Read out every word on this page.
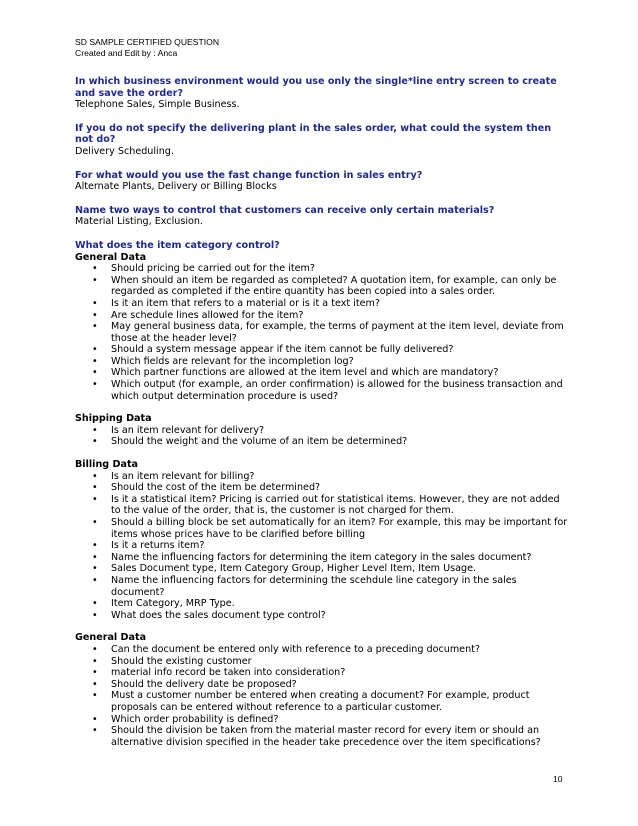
SD SAMPLE CERTIFIED QUESTION
Created and Edit by : Anca
In which business environment would you use only the single*line entry screen to create and save the order?
Telephone Sales, Simple Business.
If you do not specify the delivering plant in the sales order, what could the system then not do?
Delivery Scheduling.
For what would you use the fast change function in sales entry?
Alternate Plants, Delivery or Billing Blocks
Name two ways to control that customers can receive only certain materials?
Material Listing, Exclusion.
What does the item category control?
General Data
• Should pricing be carried out for the item?
• When should an item be regarded as completed? A quotation item, for example, can only be regarded as completed if the entire quantity has been copied into a sales order.
• Is it an item that refers to a material or is it a text item?
• Are schedule lines allowed for the item?
• May general business data, for example, the terms of payment at the item level, deviate from those at the header level?
• Should a system message appear if the item cannot be fully delivered?
• Which fields are relevant for the incompletion log?
• Which partner functions are allowed at the item level and which are mandatory?
• Which output (for example, an order confirmation) is allowed for the business transaction and which output determination procedure is used?
Shipping Data
• Is an item relevant for delivery?
• Should the weight and the volume of an item be determined?
Billing Data
• Is an item relevant for billing?
• Should the cost of the item be determined?
• Is it a statistical item? Pricing is carried out for statistical items. However, they are not added to the value of the order, that is, the customer is not charged for them.
• Should a billing block be set automatically for an item? For example, this may be important for items whose prices have to be clarified before billing
• Is it a returns item?
• Name the influencing factors for determining the item category in the sales document?
• Sales Document type, Item Category Group, Higher Level Item, Item Usage.
• Name the influencing factors for determining the scehdule line category in the sales document?
• Item Category, MRP Type.
• What does the sales document type control?
General Data
• Can the document be entered only with reference to a preceding document?
• Should the existing customer
• material info record be taken into consideration?
• Should the delivery date be proposed?
• Must a customer number be entered when creating a document? For example, product proposals can be entered without reference to a particular customer.
• Which order probability is defined?
• Should the division be taken from the material master record for every item or should an alternative division specified in the header take precedence over the item specifications?
10
